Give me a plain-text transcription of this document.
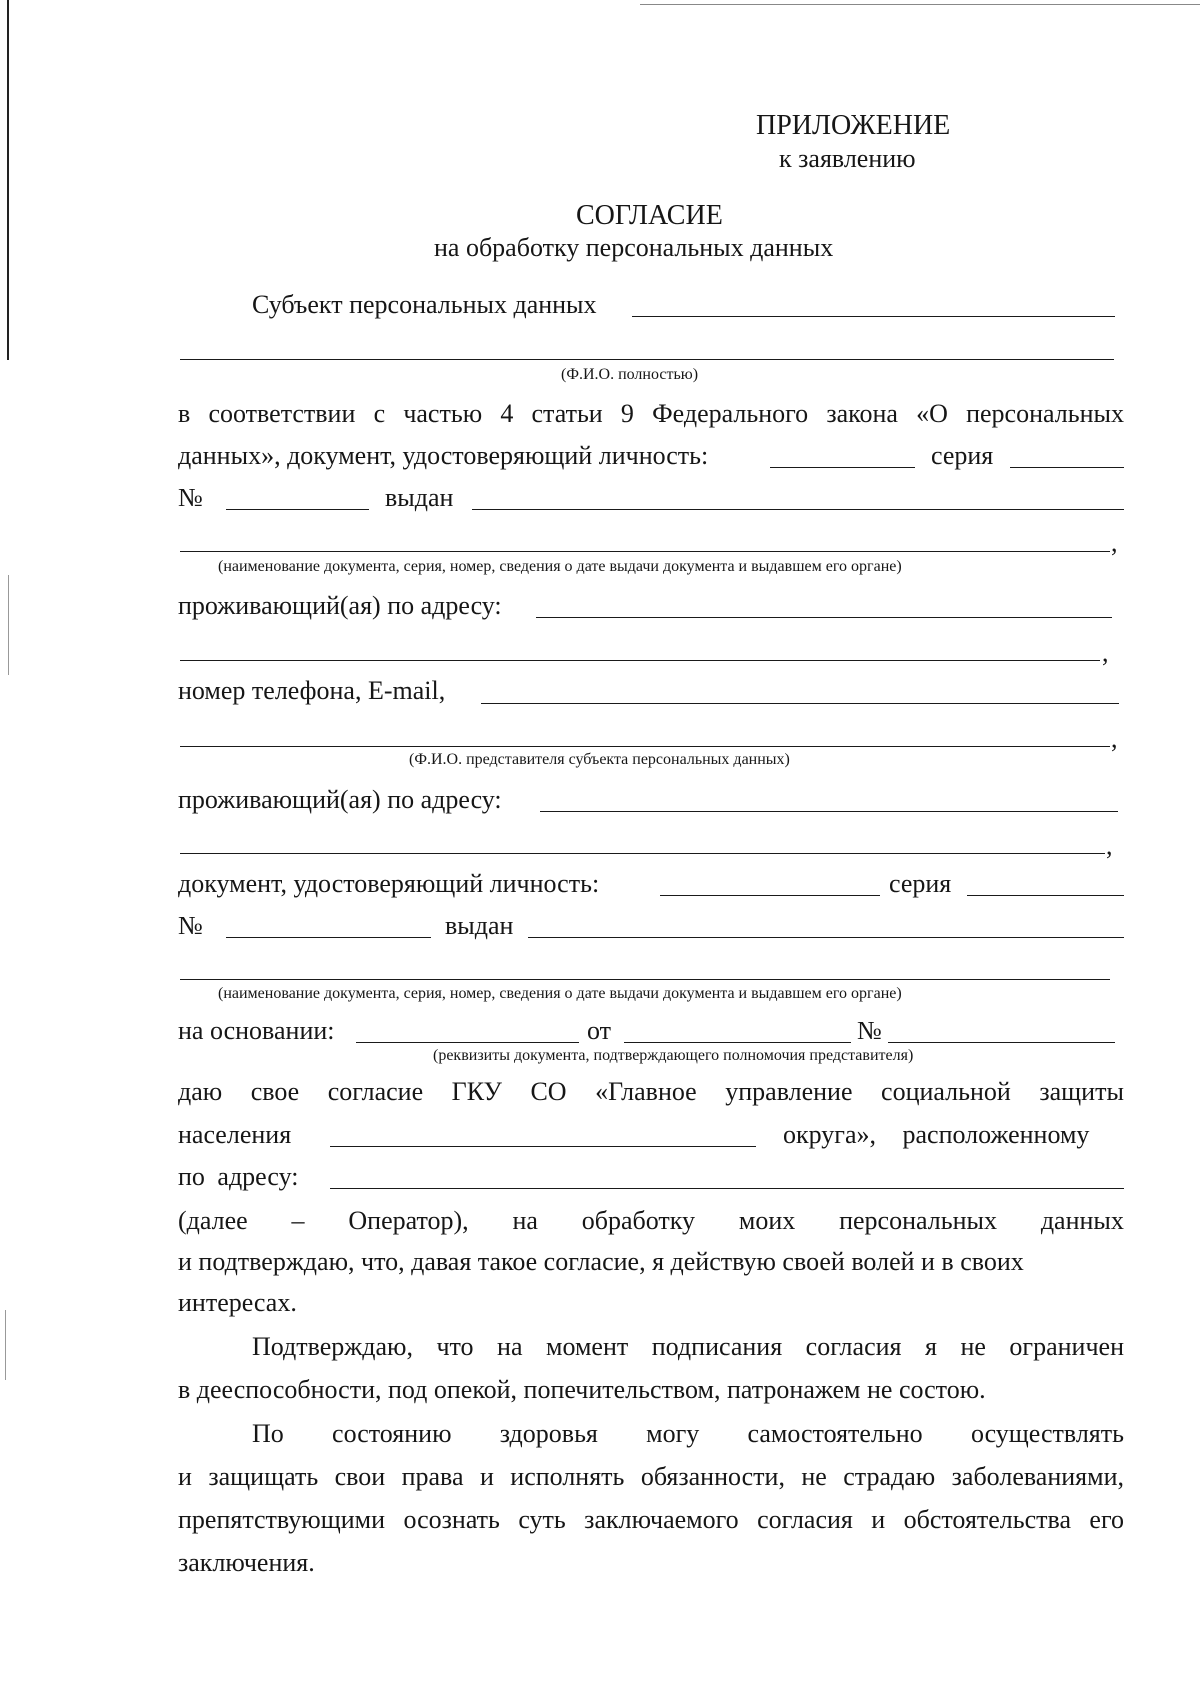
ПРИЛОЖЕНИЕ
к заявлению
СОГЛАСИЕ
на обработку персональных данных
Субъект персональных данных
(Ф.И.О. полностью)
в соответствии с частью 4 статьи 9 Федерального закона «О персональных
данных», документ, удостоверяющий личность:	серия
№	выдан
,
(наименование документа, серия, номер, сведения о дате выдачи документа и выдавшем его органе)
проживающий(ая) по адресу:
,
номер телефона, E-mail,
,
(Ф.И.О. представителя субъекта персональных данных)
проживающий(ая) по адресу:
,
документ, удостоверяющий личность:	серия
№	выдан
(наименование документа, серия, номер, сведения о дате выдачи документа и выдавшем его органе)
на основании:	от	№
(реквизиты документа, подтверждающего полномочия представителя)
даю свое согласие ГКУ СО «Главное управление социальной защиты
населения	округа», расположенному
по адресу:
(далее – Оператор), на обработку моих персональных данных
и подтверждаю, что, давая такое согласие, я действую своей волей и в своих
интересах.
Подтверждаю, что на момент подписания согласия я не ограничен
в дееспособности, под опекой, попечительством, патронажем не состою.
По состоянию здоровья могу самостоятельно осуществлять
и защищать свои права и исполнять обязанности, не страдаю заболеваниями,
препятствующими осознать суть заключаемого согласия и обстоятельства его
заключения.
